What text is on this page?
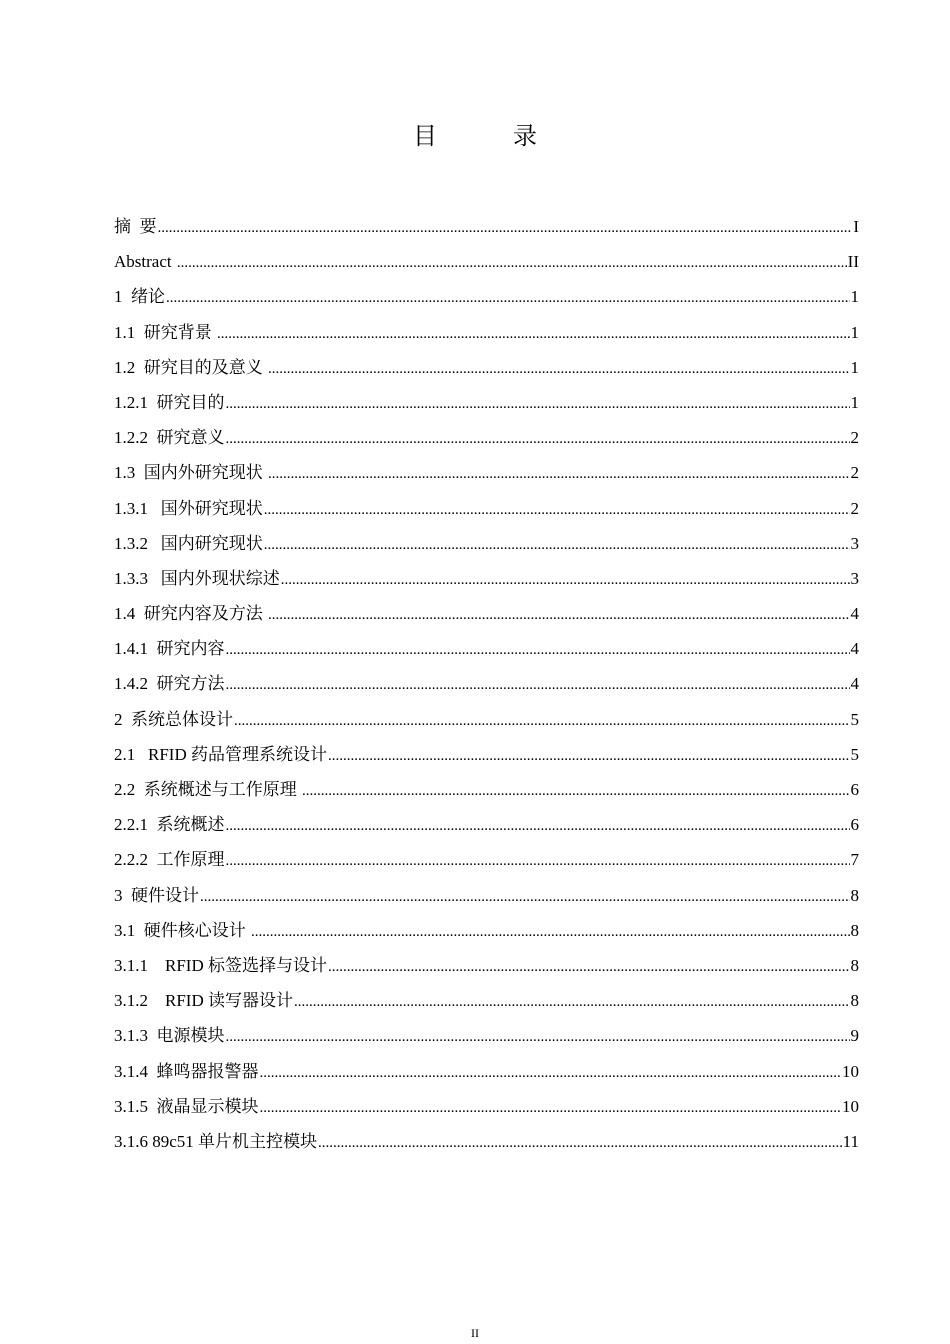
目　录
摘  要 .....	I
Abstract .....	II
1  绪论 .....	1
1.1  研究背景 .....	1
1.2  研究目的及意义 .....	1
1.2.1  研究目的 .....	1
1.2.2  研究意义 .....	2
1.3  国内外研究现状 .....	2
1.3.1   国外研究现状 .....	2
1.3.2   国内研究现状 .....	3
1.3.3   国内外现状综述 .....	3
1.4  研究内容及方法 .....	4
1.4.1  研究内容 .....	4
1.4.2  研究方法 .....	4
2  系统总体设计 .....	5
2.1   RFID 药品管理系统设计 .....	5
2.2  系统概述与工作原理 .....	6
2.2.1  系统概述 .....	6
2.2.2  工作原理 .....	7
3  硬件设计 .....	8
3.1  硬件核心设计 .....	8
3.1.1    RFID 标签选择与设计 .....	8
3.1.2    RFID 读写器设计 .....	8
3.1.3  电源模块 .....	9
3.1.4  蜂鸣器报警器 .....	10
3.1.5  液晶显示模块 .....	10
3.1.6 89c51 单片机主控模块 .....	11
II
